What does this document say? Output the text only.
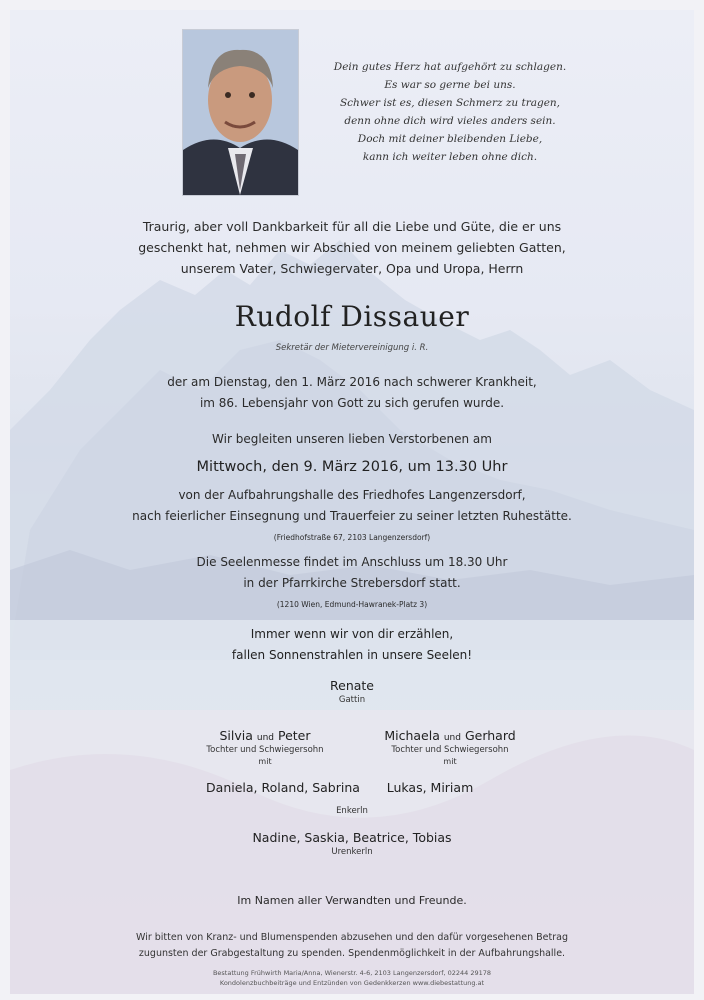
Dein gutes Herz hat aufgehört zu schlagen.
Es war so gerne bei uns.
Schwer ist es, diesen Schmerz zu tragen,
denn ohne dich wird vieles anders sein.
Doch mit deiner bleibenden Liebe,
kann ich weiter leben ohne dich.
Traurig, aber voll Dankbarkeit für all die Liebe und Güte, die er uns
geschenkt hat, nehmen wir Abschied von meinem geliebten Gatten,
unserem Vater, Schwiegervater, Opa und Uropa, Herrn
Rudolf Dissauer
Sekretär der Mietervereinigung i. R.
der am Dienstag, den 1. März 2016 nach schwerer Krankheit,
im 86. Lebensjahr von Gott zu sich gerufen wurde.
Wir begleiten unseren lieben Verstorbenen am
Mittwoch, den 9. März 2016, um 13.30 Uhr
von der Aufbahrungshalle des Friedhofes Langenzersdorf,
nach feierlicher Einsegnung und Trauerfeier zu seiner letzten Ruhestätte.
(Friedhofstraße 67, 2103 Langenzersdorf)
Die Seelenmesse findet im Anschluss um 18.30 Uhr
in der Pfarrkirche Strebersdorf statt.
(1210 Wien, Edmund-Hawranek-Platz 3)
Immer wenn wir von dir erzählen,
fallen Sonnenstrahlen in unsere Seelen!
Renate
Gattin
Silvia und Peter
Tochter und Schwiegersohn
mit
Michaela und Gerhard
Tochter und Schwiegersohn
mit
Daniela, Roland, Sabrina	Lukas, Miriam
Enkerln
Nadine, Saskia, Beatrice, Tobias
Urenkerln
Im Namen aller Verwandten und Freunde.
Wir bitten von Kranz- und Blumenspenden abzusehen und den dafür vorgesehenen Betrag
zugunsten der Grabgestaltung zu spenden. Spendenmöglichkeit in der Aufbahrungshalle.
Bestattung Frühwirth Maria/Anna, Wienerstr. 4-6, 2103 Langenzersdorf, 02244 29178
Kondolenzbuchbeiträge und Entzünden von Gedenkkerzen www.diebestattung.at
